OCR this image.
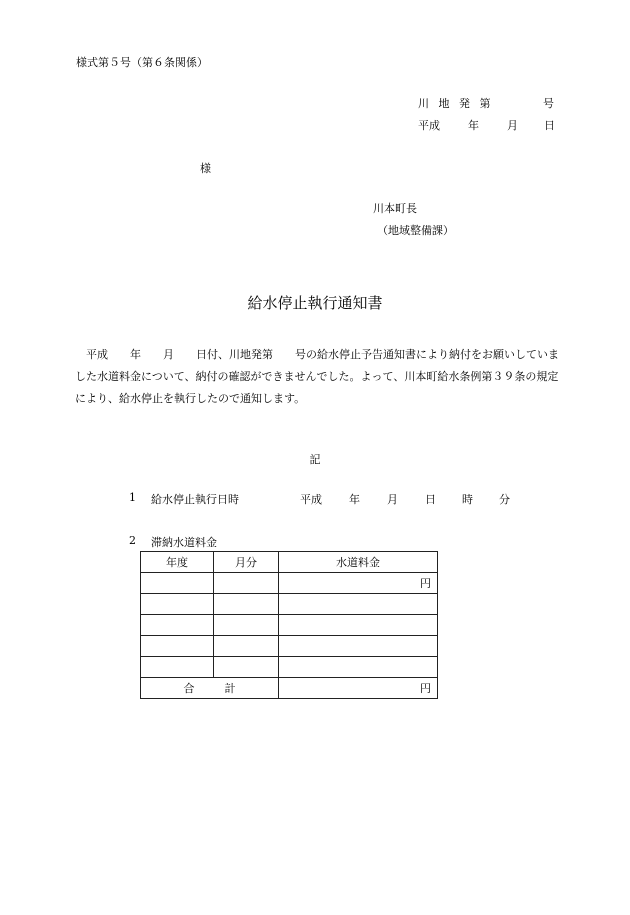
様式第５号（第６条関係）
川 地 発 第	号
平成	年	月 日
様
川本町長
（地域整備課）
給水停止執行通知書
平成　　年　　月　　日付、川地発第　　号の給水停止予告通知書により納付をお願いしていました水道料金について、納付の確認ができませんでした。よって、川本町給水条例第３９条の規定により、給水停止を執行したので通知します。
記
1 給水停止執行日時	平成 年 月 日 時 分
2 滞納水道料金
年度	月分	水道料金
		円

合 計		円
